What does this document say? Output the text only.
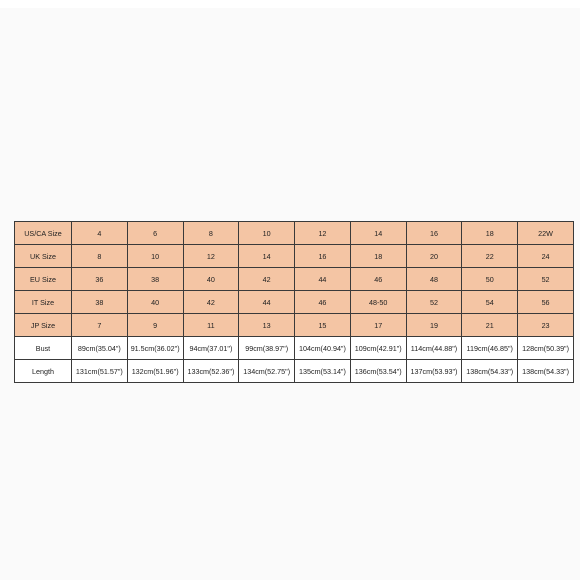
US/CA Size	4	6	8	10	12	14	16	18	22W
UK Size	8	10	12	14	16	18	20	22	24
EU Size	36	38	40	42	44	46	48	50	52
IT Size	38	40	42	44	46	48-50	52	54	56
JP Size	7	9	11	13	15	17	19	21	23
Bust	89cm(35.04")	91.5cm(36.02")	94cm(37.01")	99cm(38.97")	104cm(40.94")	109cm(42.91")	114cm(44.88")	119cm(46.85")	128cm(50.39")
Length	131cm(51.57")	132cm(51.96")	133cm(52.36")	134cm(52.75")	135cm(53.14")	136cm(53.54")	137cm(53.93")	138cm(54.33")	138cm(54.33")
